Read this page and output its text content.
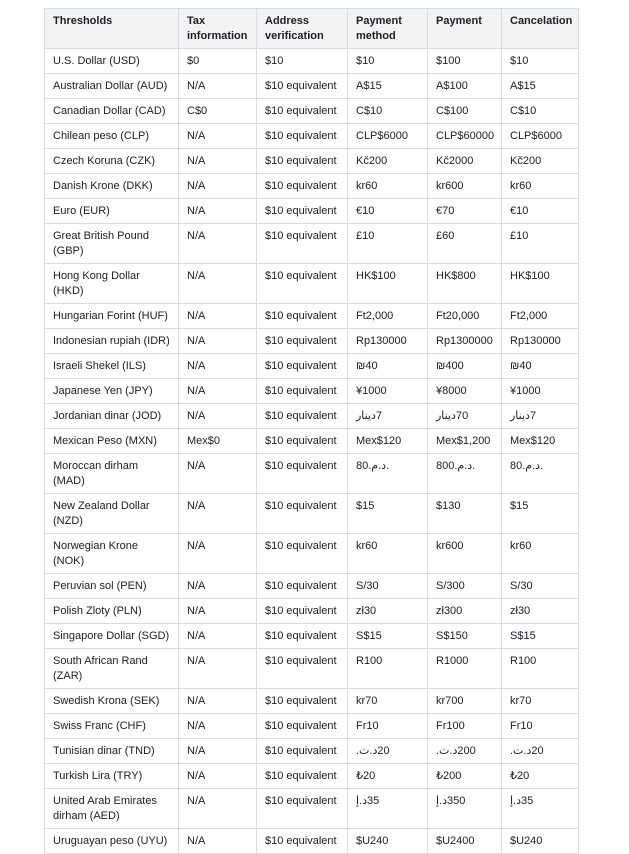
Thresholds	Tax information	Address verification	Payment method	Payment	Cancelation
U.S. Dollar (USD)	$0	$10	$10	$100	$10
Australian Dollar (AUD)	N/A	$10 equivalent	A$15	A$100	A$15
Canadian Dollar (CAD)	C$0	$10 equivalent	C$10	C$100	C$10
Chilean peso (CLP)	N/A	$10 equivalent	CLP$6000	CLP$60000	CLP$6000
Czech Koruna (CZK)	N/A	$10 equivalent	Kč200	Kč2000	Kč200
Danish Krone (DKK)	N/A	$10 equivalent	kr60	kr600	kr60
Euro (EUR)	N/A	$10 equivalent	€10	€70	€10
Great British Pound (GBP)	N/A	$10 equivalent	£10	£60	£10
Hong Kong Dollar (HKD)	N/A	$10 equivalent	HK$100	HK$800	HK$100
Hungarian Forint (HUF)	N/A	$10 equivalent	Ft2,000	Ft20,000	Ft2,000
Indonesian rupiah (IDR)	N/A	$10 equivalent	Rp130000	Rp1300000	Rp130000
Israeli Shekel (ILS)	N/A	$10 equivalent	₪40	₪400	₪40
Japanese Yen (JPY)	N/A	$10 equivalent	¥1000	¥8000	¥1000
Jordanian dinar (JOD)	N/A	$10 equivalent	7دينار	70دينار	7دينار
Mexican Peso (MXN)	Mex$0	$10 equivalent	Mex$120	Mex$1,200	Mex$120
Moroccan dirham (MAD)	N/A	$10 equivalent	.د.م.80	.د.م.800	.د.م.80
New Zealand Dollar (NZD)	N/A	$10 equivalent	$15	$130	$15
Norwegian Krone (NOK)	N/A	$10 equivalent	kr60	kr600	kr60
Peruvian sol (PEN)	N/A	$10 equivalent	S/30	S/300	S/30
Polish Zloty (PLN)	N/A	$10 equivalent	zł30	zł300	zł30
Singapore Dollar (SGD)	N/A	$10 equivalent	S$15	S$150	S$15
South African Rand (ZAR)	N/A	$10 equivalent	R100	R1000	R100
Swedish Krona (SEK)	N/A	$10 equivalent	kr70	kr700	kr70
Swiss Franc (CHF)	N/A	$10 equivalent	Fr10	Fr100	Fr10
Tunisian dinar (TND)	N/A	$10 equivalent	20د.ت.	200د.ت.	20د.ت.
Turkish Lira (TRY)	N/A	$10 equivalent	₺20	₺200	₺20
United Arab Emirates dirham (AED)	N/A	$10 equivalent	35د.إ	350د.إ	35د.إ
Uruguayan peso (UYU)	N/A	$10 equivalent	$U240	$U2400	$U240
